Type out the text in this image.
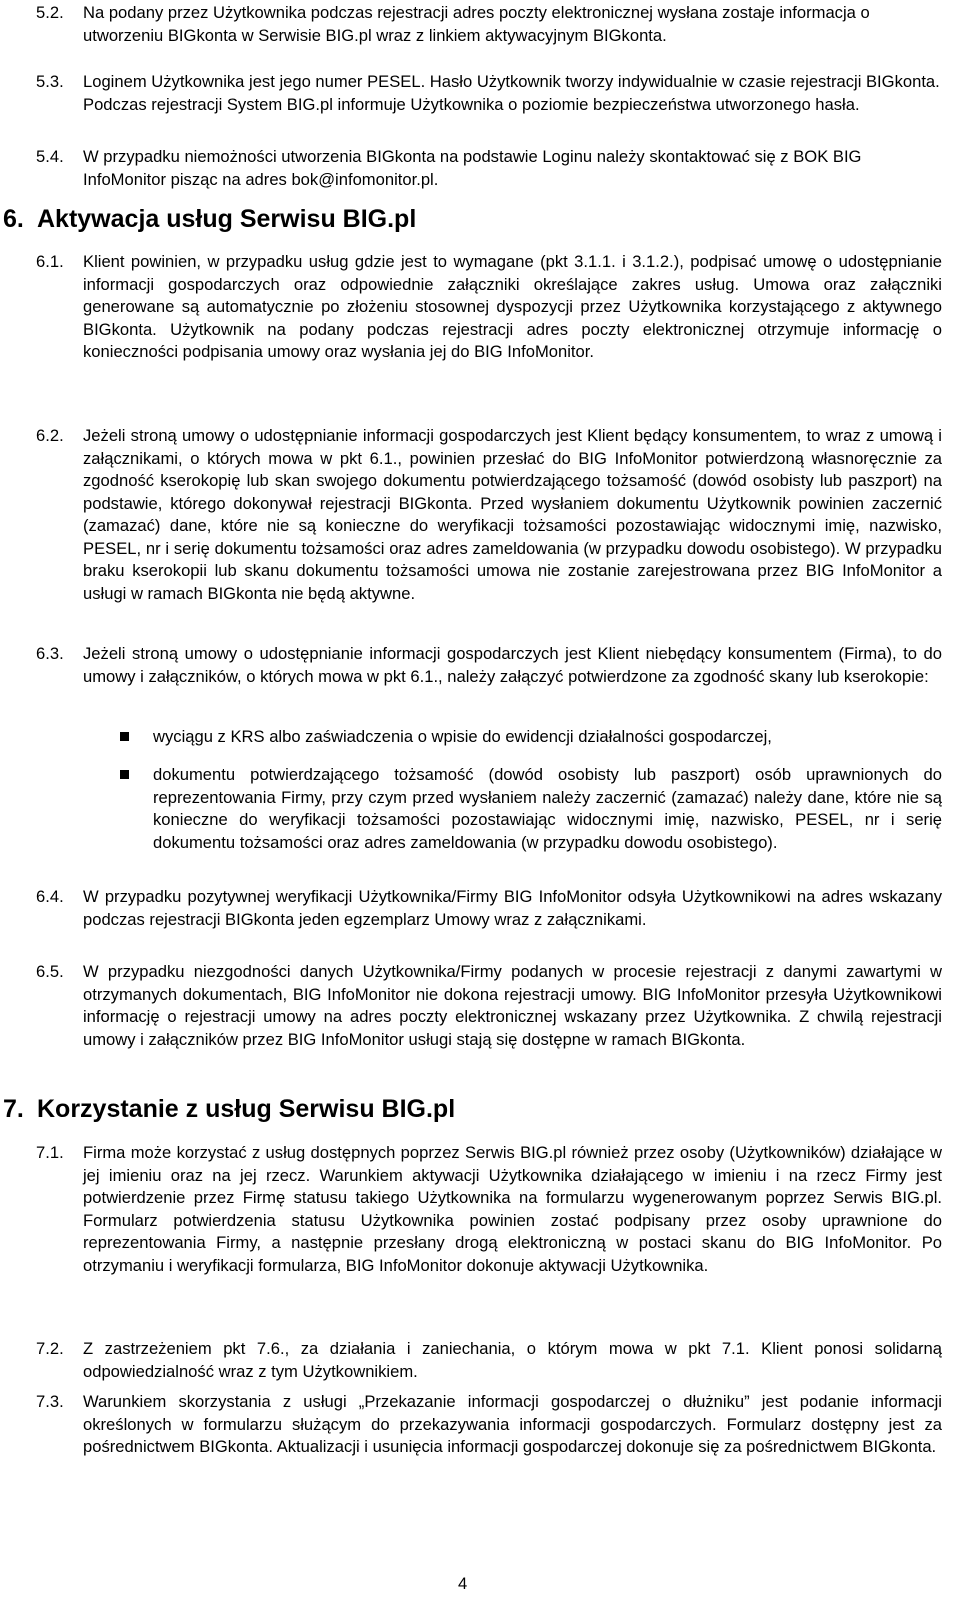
5.2. Na podany przez Użytkownika podczas rejestracji adres poczty elektronicznej wysłana zostaje informacja o utworzeniu BIGkonta w Serwisie BIG.pl wraz z linkiem aktywacyjnym BIGkonta.
5.3. Loginem Użytkownika jest jego numer PESEL. Hasło Użytkownik tworzy indywidualnie w czasie rejestracji BIGkonta. Podczas rejestracji System BIG.pl informuje Użytkownika o poziomie bezpieczeństwa utworzonego hasła.
5.4. W przypadku niemożności utworzenia BIGkonta na podstawie Loginu należy skontaktować się z BOK BIG InfoMonitor pisząc na adres bok@infomonitor.pl.
6. Aktywacja usług Serwisu BIG.pl
6.1. Klient powinien, w przypadku usług gdzie jest to wymagane (pkt 3.1.1. i 3.1.2.), podpisać umowę o udostępnianie informacji gospodarczych oraz odpowiednie załączniki określające zakres usług. Umowa oraz załączniki generowane są automatycznie po złożeniu stosownej dyspozycji przez Użytkownika korzystającego z aktywnego BIGkonta. Użytkownik na podany podczas rejestracji adres poczty elektronicznej otrzymuje informację o konieczności podpisania umowy oraz wysłania jej do BIG InfoMonitor.
6.2. Jeżeli stroną umowy o udostępnianie informacji gospodarczych jest Klient będący konsumentem, to wraz z umową i załącznikami, o których mowa w pkt 6.1., powinien przesłać do BIG InfoMonitor potwierdzoną własnoręcznie za zgodność kserokopię lub skan swojego dokumentu potwierdzającego tożsamość (dowód osobisty lub paszport) na podstawie, którego dokonywał rejestracji BIGkonta. Przed wysłaniem dokumentu Użytkownik powinien zaczernić (zamazać) dane, które nie są konieczne do weryfikacji tożsamości pozostawiając widocznymi imię, nazwisko, PESEL, nr i serię dokumentu tożsamości oraz adres zameldowania (w przypadku dowodu osobistego). W przypadku braku kserokopii lub skanu dokumentu tożsamości umowa nie zostanie zarejestrowana przez BIG InfoMonitor a usługi w ramach BIGkonta nie będą aktywne.
6.3. Jeżeli stroną umowy o udostępnianie informacji gospodarczych jest Klient niebędący konsumentem (Firma), to do umowy i załączników, o których mowa w pkt 6.1., należy załączyć potwierdzone za zgodność skany lub kserokopie:
wyciągu z KRS albo zaświadczenia o wpisie do ewidencji działalności gospodarczej,
dokumentu potwierdzającego tożsamość (dowód osobisty lub paszport) osób uprawnionych do reprezentowania Firmy, przy czym przed wysłaniem należy zaczernić (zamazać) należy dane, które nie są konieczne do weryfikacji tożsamości pozostawiając widocznymi imię, nazwisko, PESEL, nr i serię dokumentu tożsamości oraz adres zameldowania (w przypadku dowodu osobistego).
6.4. W przypadku pozytywnej weryfikacji Użytkownika/Firmy BIG InfoMonitor odsyła Użytkownikowi na adres wskazany podczas rejestracji BIGkonta jeden egzemplarz Umowy wraz z załącznikami.
6.5. W przypadku niezgodności danych Użytkownika/Firmy podanych w procesie rejestracji z danymi zawartymi w otrzymanych dokumentach, BIG InfoMonitor nie dokona rejestracji umowy. BIG InfoMonitor przesyła Użytkownikowi informację o rejestracji umowy na adres poczty elektronicznej wskazany przez Użytkownika. Z chwilą rejestracji umowy i załączników przez BIG InfoMonitor usługi stają się dostępne w ramach BIGkonta.
7. Korzystanie z usług Serwisu BIG.pl
7.1. Firma może korzystać z usług dostępnych poprzez Serwis BIG.pl również przez osoby (Użytkowników) działające w jej imieniu oraz na jej rzecz. Warunkiem aktywacji Użytkownika działającego w imieniu i na rzecz Firmy jest potwierdzenie przez Firmę statusu takiego Użytkownika na formularzu wygenerowanym poprzez Serwis BIG.pl. Formularz potwierdzenia statusu Użytkownika powinien zostać podpisany przez osoby uprawnione do reprezentowania Firmy, a następnie przesłany drogą elektroniczną w postaci skanu do BIG InfoMonitor. Po otrzymaniu i weryfikacji formularza, BIG InfoMonitor dokonuje aktywacji Użytkownika.
7.2. Z zastrzeżeniem pkt 7.6., za działania i zaniechania, o którym mowa w pkt 7.1. Klient ponosi solidarną odpowiedzialność wraz z tym Użytkownikiem.
7.3. Warunkiem skorzystania z usługi „Przekazanie informacji gospodarczej o dłużniku” jest podanie informacji określonych w formularzu służącym do przekazywania informacji gospodarczych. Formularz dostępny jest za pośrednictwem BIGkonta. Aktualizacji i usunięcia informacji gospodarczej dokonuje się za pośrednictwem BIGkonta.
4
